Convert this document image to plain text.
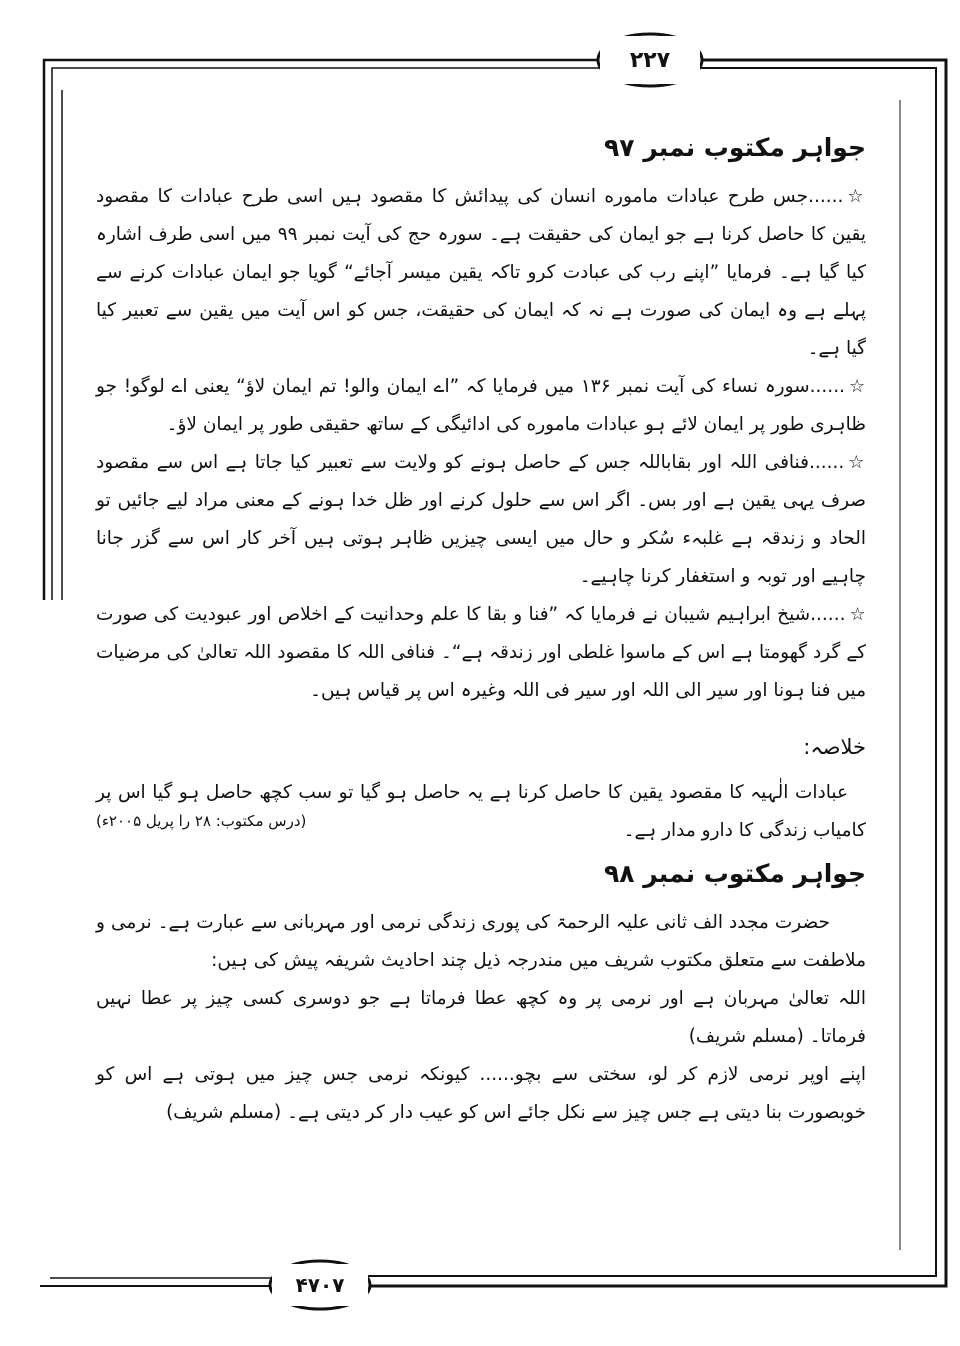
۲۲۷
۴۷۰۷
جواہر مکتوب نمبر ۹۷

☆......جس طرح عبادات ماموره انسان کی پیدائش کا مقصود ہیں اسی طرح عبادات کا مقصود یقین کا حاصل کرنا ہے جو ایمان کی حقیقت ہے۔ سورہ حج کی آیت نمبر ۹۹ میں اسی طرف اشارہ کیا گیا ہے۔ فرمایا ”اپنے رب کی عبادت کرو تاکہ یقین میسر آجائے“ گویا جو ایمان عبادات کرنے سے پہلے ہے وہ ایمان کی صورت ہے نہ کہ ایمان کی حقیقت، جس کو اس آیت میں یقین سے تعبیر کیا گیا ہے۔

☆......سورہ نساء کی آیت نمبر ۱۳۶ میں فرمایا کہ ”اے ایمان والو! تم ایمان لاؤ“ یعنی اے لوگو! جو ظاہری طور پر ایمان لائے ہو عبادات ماموره کی ادائیگی کے ساتھ حقیقی طور پر ایمان لاؤ۔

☆......فنافی اللہ اور بقاباللہ جس کے حاصل ہونے کو ولایت سے تعبیر کیا جاتا ہے اس سے مقصود صرف یہی یقین ہے اور بس۔ اگر اس سے حلول کرنے اور ظل خدا ہونے کے معنی مراد لیے جائیں تو الحاد و زندقہ ہے غلبہء سُکر و حال میں ایسی چیزیں ظاہر ہوتی ہیں آخر کار اس سے گزر جانا چاہیے اور توبہ و استغفار کرنا چاہیے۔

☆......شیخ ابراہیم شیبان نے فرمایا کہ ”فنا و بقا کا علم وحدانیت کے اخلاص اور عبودیت کی صورت کے گرد گھومتا ہے اس کے ماسوا غلطی اور زندقہ ہے“۔ فنافی اللہ کا مقصود اللہ تعالیٰ کی مرضیات میں فنا ہونا اور سیر الی اللہ اور سیر فی اللہ وغیرہ اس پر قیاس ہیں۔

خلاصہ:

عبادات الٰہیہ کا مقصود یقین کا حاصل کرنا ہے یہ حاصل ہو گیا تو سب کچھ حاصل ہو گیا اس پر کامیاب زندگی کا دارو مدار ہے۔

(درس مکتوب: ۲۸ را پریل ۲۰۰۵ء)
جواہر مکتوب نمبر ۹۸

حضرت مجدد الف ثانی علیہ الرحمۃ کی پوری زندگی نرمی اور مہربانی سے عبارت ہے۔ نرمی و ملاطفت سے متعلق مکتوب شریف میں مندرجہ ذیل چند احادیث شریفہ پیش کی ہیں:

اللہ تعالیٰ مہربان ہے اور نرمی پر وہ کچھ عطا فرماتا ہے جو دوسری کسی چیز پر عطا نہیں فرماتا۔ (مسلم شریف)

اپنے اوپر نرمی لازم کر لو، سختی سے بچو...... کیونکہ نرمی جس چیز میں ہوتی ہے اس کو خوبصورت بنا دیتی ہے جس چیز سے نکل جائے اس کو عیب دار کر دیتی ہے۔ (مسلم شریف)
